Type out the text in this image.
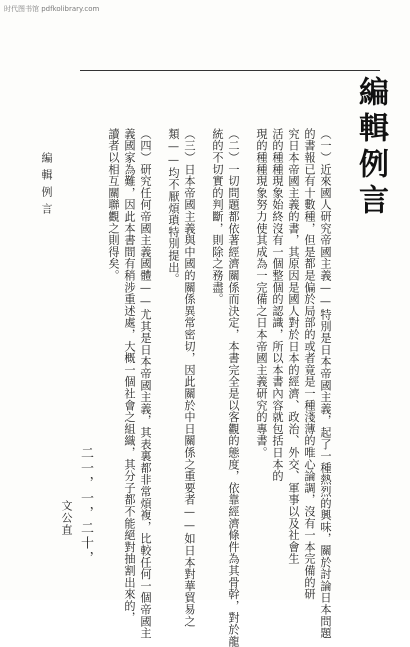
时代图书馆 pdfkolibrary.com
編輯例言	編輯例言
（一）近來國人研究帝國主義——特別是日本帝國主義，起了一種熱烈的興味，關於討論日本問題
的書報已有十數種，但是都是偏於局部的或者竟是一種淺薄的唯心論調，沒有一本完備的研
究日本帝國主義的書，其原因是國人對於日本的經濟、政治、外交、軍事以及社會生
活的種種現象始終沒有一個整個的認識，所以本書內容就包括日本的
現的種種現象努力使其成為一完備之日本帝國主義研究的專書。
（二）一切問題都依著經濟關係而決定，本書完全是以客觀的態度，依靠經濟條件為其骨幹，對於龍
統的不切實的判斷，則除之務盡。
（三）日本帝國主義與中國的關係異常密切，因此關於中日關係之重要者——如日本對華貿易之
類——均不厭煩瑣特別提出。
（四）研究任何帝國主義國體——尤其是日本帝國主義，其表裏都非常煩複，比較任何一個帝國主
義國家為難，因此本書間有稍涉重述處，大概一個社會之組織，其分子都不能絕對抽割出來的，
讀者以相互關聯觀之則得矣。
二一，一，二十，
文公直
